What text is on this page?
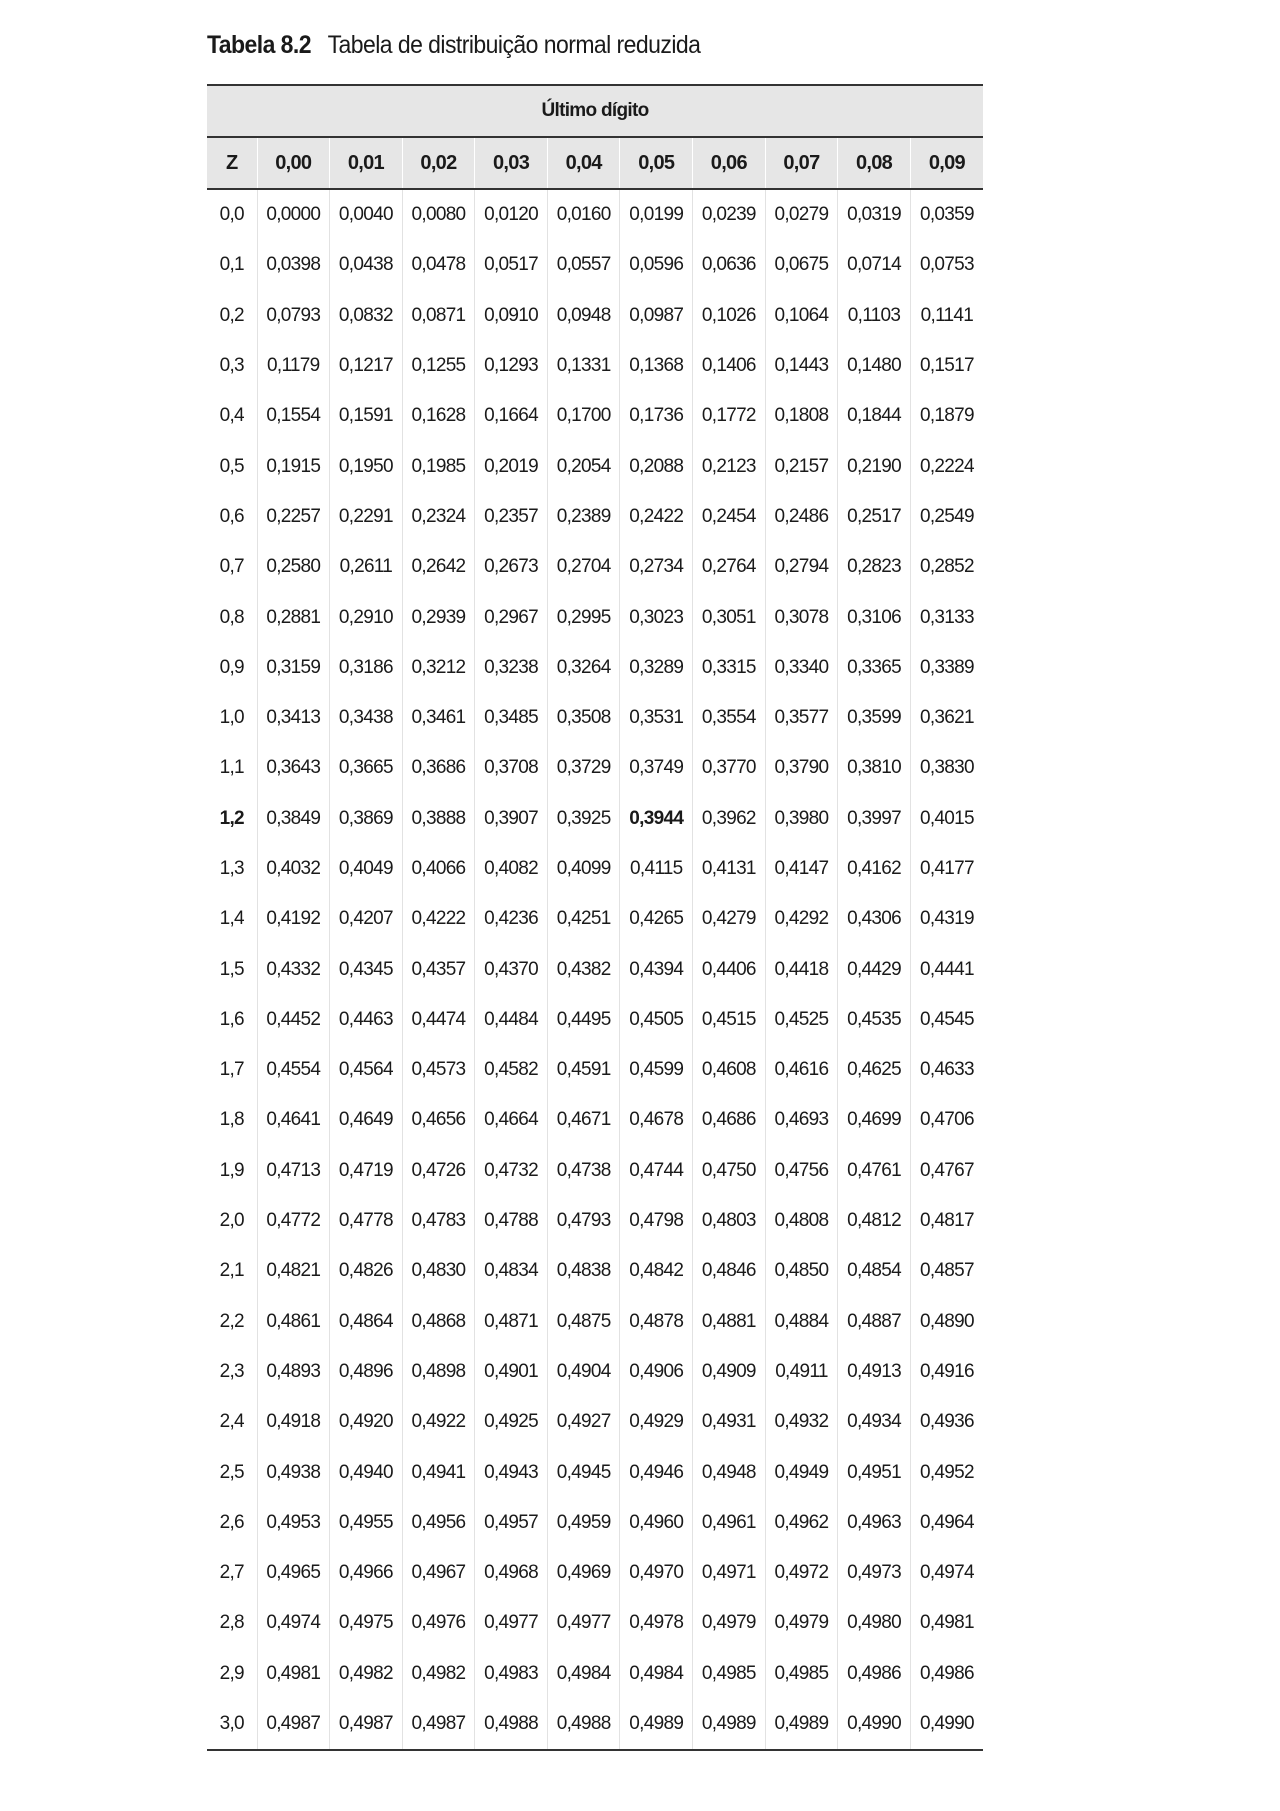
Tabela 8.2 Tabela de distribuição normal reduzida
Último dígito										
Z	0,00	0,01	0,02	0,03	0,04	0,05	0,06	0,07	0,08	0,09
0,0	0,0000	0,0040	0,0080	0,0120	0,0160	0,0199	0,0239	0,0279	0,0319	0,0359
0,1	0,0398	0,0438	0,0478	0,0517	0,0557	0,0596	0,0636	0,0675	0,0714	0,0753
0,2	0,0793	0,0832	0,0871	0,0910	0,0948	0,0987	0,1026	0,1064	0,1103	0,1141
0,3	0,1179	0,1217	0,1255	0,1293	0,1331	0,1368	0,1406	0,1443	0,1480	0,1517
0,4	0,1554	0,1591	0,1628	0,1664	0,1700	0,1736	0,1772	0,1808	0,1844	0,1879
0,5	0,1915	0,1950	0,1985	0,2019	0,2054	0,2088	0,2123	0,2157	0,2190	0,2224
0,6	0,2257	0,2291	0,2324	0,2357	0,2389	0,2422	0,2454	0,2486	0,2517	0,2549
0,7	0,2580	0,2611	0,2642	0,2673	0,2704	0,2734	0,2764	0,2794	0,2823	0,2852
0,8	0,2881	0,2910	0,2939	0,2967	0,2995	0,3023	0,3051	0,3078	0,3106	0,3133
0,9	0,3159	0,3186	0,3212	0,3238	0,3264	0,3289	0,3315	0,3340	0,3365	0,3389
1,0	0,3413	0,3438	0,3461	0,3485	0,3508	0,3531	0,3554	0,3577	0,3599	0,3621
1,1	0,3643	0,3665	0,3686	0,3708	0,3729	0,3749	0,3770	0,3790	0,3810	0,3830
1,2	0,3849	0,3869	0,3888	0,3907	0,3925	0,3944	0,3962	0,3980	0,3997	0,4015
1,3	0,4032	0,4049	0,4066	0,4082	0,4099	0,4115	0,4131	0,4147	0,4162	0,4177
1,4	0,4192	0,4207	0,4222	0,4236	0,4251	0,4265	0,4279	0,4292	0,4306	0,4319
1,5	0,4332	0,4345	0,4357	0,4370	0,4382	0,4394	0,4406	0,4418	0,4429	0,4441
1,6	0,4452	0,4463	0,4474	0,4484	0,4495	0,4505	0,4515	0,4525	0,4535	0,4545
1,7	0,4554	0,4564	0,4573	0,4582	0,4591	0,4599	0,4608	0,4616	0,4625	0,4633
1,8	0,4641	0,4649	0,4656	0,4664	0,4671	0,4678	0,4686	0,4693	0,4699	0,4706
1,9	0,4713	0,4719	0,4726	0,4732	0,4738	0,4744	0,4750	0,4756	0,4761	0,4767
2,0	0,4772	0,4778	0,4783	0,4788	0,4793	0,4798	0,4803	0,4808	0,4812	0,4817
2,1	0,4821	0,4826	0,4830	0,4834	0,4838	0,4842	0,4846	0,4850	0,4854	0,4857
2,2	0,4861	0,4864	0,4868	0,4871	0,4875	0,4878	0,4881	0,4884	0,4887	0,4890
2,3	0,4893	0,4896	0,4898	0,4901	0,4904	0,4906	0,4909	0,4911	0,4913	0,4916
2,4	0,4918	0,4920	0,4922	0,4925	0,4927	0,4929	0,4931	0,4932	0,4934	0,4936
2,5	0,4938	0,4940	0,4941	0,4943	0,4945	0,4946	0,4948	0,4949	0,4951	0,4952
2,6	0,4953	0,4955	0,4956	0,4957	0,4959	0,4960	0,4961	0,4962	0,4963	0,4964
2,7	0,4965	0,4966	0,4967	0,4968	0,4969	0,4970	0,4971	0,4972	0,4973	0,4974
2,8	0,4974	0,4975	0,4976	0,4977	0,4977	0,4978	0,4979	0,4979	0,4980	0,4981
2,9	0,4981	0,4982	0,4982	0,4983	0,4984	0,4984	0,4985	0,4985	0,4986	0,4986
3,0	0,4987	0,4987	0,4987	0,4988	0,4988	0,4989	0,4989	0,4989	0,4990	0,4990
